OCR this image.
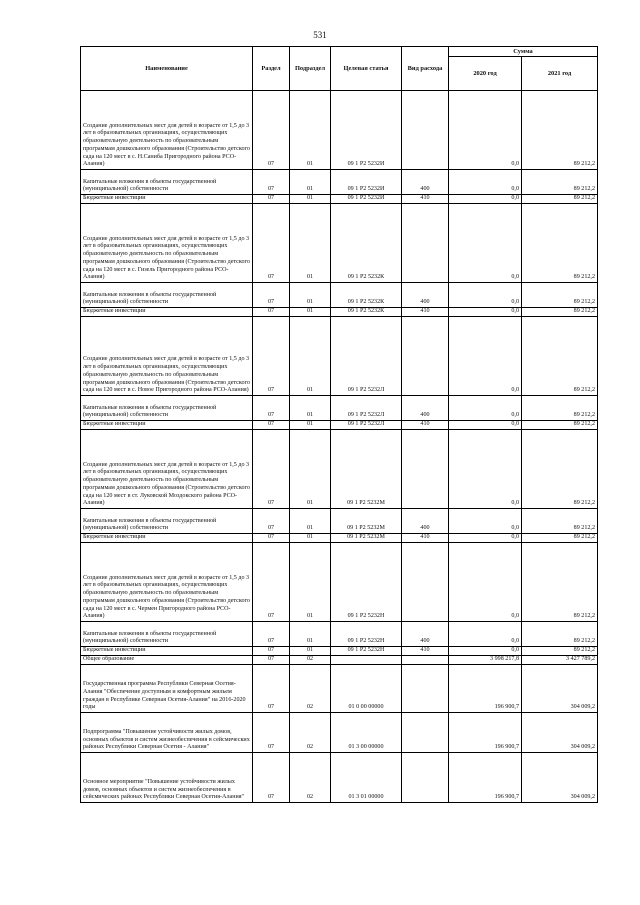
531
Наименование	Раздел	Подраздел	Целевая статья	Вид расхода	Сумма	
					2020 год	2021 год
Создание дополнительных мест для детей в возрасте от 1,5 до 3 лет в образовательных организациях, осуществляющих образовательную деятельность по образовательным программам дошкольного образования (Строительство детского сада на 120 мест в с. Н.Саниба Пригородного района РСО-Алания)	07	01	09 1 Р2 5232И		0,0	89 212,2
Капитальные вложения в объекты государственной (муниципальной) собственности	07	01	09 1 Р2 5232И	400	0,0	89 212,2
Бюджетные инвестиции	07	01	09 1 Р2 5232И	410	0,0	89 212,2
Создание дополнительных мест для детей в возрасте от 1,5 до 3 лет в образовательных организациях, осуществляющих образовательную деятельность по образовательным программам дошкольного образования (Строительство детского сада на 120 мест в с. Гизель Пригородного района РСО-Алания)	07	01	09 1 Р2 5232К		0,0	89 212,2
Капитальные вложения в объекты государственной (муниципальной) собственности	07	01	09 1 Р2 5232К	400	0,0	89 212,2
Бюджетные инвестиции	07	01	09 1 Р2 5232К	410	0,0	89 212,2
Создание дополнительных мест для детей в возрасте от 1,5 до 3 лет в образовательных организациях, осуществляющих образовательную деятельность по образовательным программам дошкольного образования (Строительство детского сада на 120 мест в с. Новое Пригородного района РСО-Алания)	07	01	09 1 Р2 5232Л		0,0	89 212,2
Капитальные вложения в объекты государственной (муниципальной) собственности	07	01	09 1 Р2 5232Л	400	0,0	89 212,2
Бюджетные инвестиции	07	01	09 1 Р2 5232Л	410	0,0	89 212,2
Создание дополнительных мест для детей в возрасте от 1,5 до 3 лет в образовательных организациях, осуществляющих образовательную деятельность по образовательным программам дошкольного образования (Строительство детского сада на 120 мест в ст. Луковской Моздокского района РСО-Алания)	07	01	09 1 Р2 5232М		0,0	89 212,2
Капитальные вложения в объекты государственной (муниципальной) собственности	07	01	09 1 Р2 5232М	400	0,0	89 212,2
Бюджетные инвестиции	07	01	09 1 Р2 5232М	410	0,0	89 212,2
Создание дополнительных мест для детей в возрасте от 1,5 до 3 лет в образовательных организациях, осуществляющих образовательную деятельность по образовательным программам дошкольного образования (Строительство детского сада на 120 мест в с. Чермен Пригородного района РСО-Алания)	07	01	09 1 Р2 5232Н		0,0	89 212,2
Капитальные вложения в объекты государственной (муниципальной) собственности	07	01	09 1 Р2 5232Н	400	0,0	89 212,2
Бюджетные инвестиции	07	01	09 1 Р2 5232Н	410	0,0	89 212,2
Общее образование	07	02			3 998 217,8	3 427 789,2
Государственная программа Республики Северная Осетия-Алания "Обеспечение доступным и комфортным жильем граждан в Республике Северная Осетия-Алания" на 2016-2020 годы	07	02	01 0 00 00000		196 900,7	304 009,2
Подпрограмма "Повышение устойчивости жилых домов, основных объектов и систем жизнеобеспечения в сейсмических районах Республики Северная Осетия - Алания"	07	02	01 3 00 00000		196 900,7	304 009,2
Основное мероприятие "Повышение устойчивости жилых домов, основных объектов и систем жизнеобеспечения в сейсмических районах Республики Северная Осетия-Алания"	07	02	01 3 01 00000		196 900,7	304 009,2
